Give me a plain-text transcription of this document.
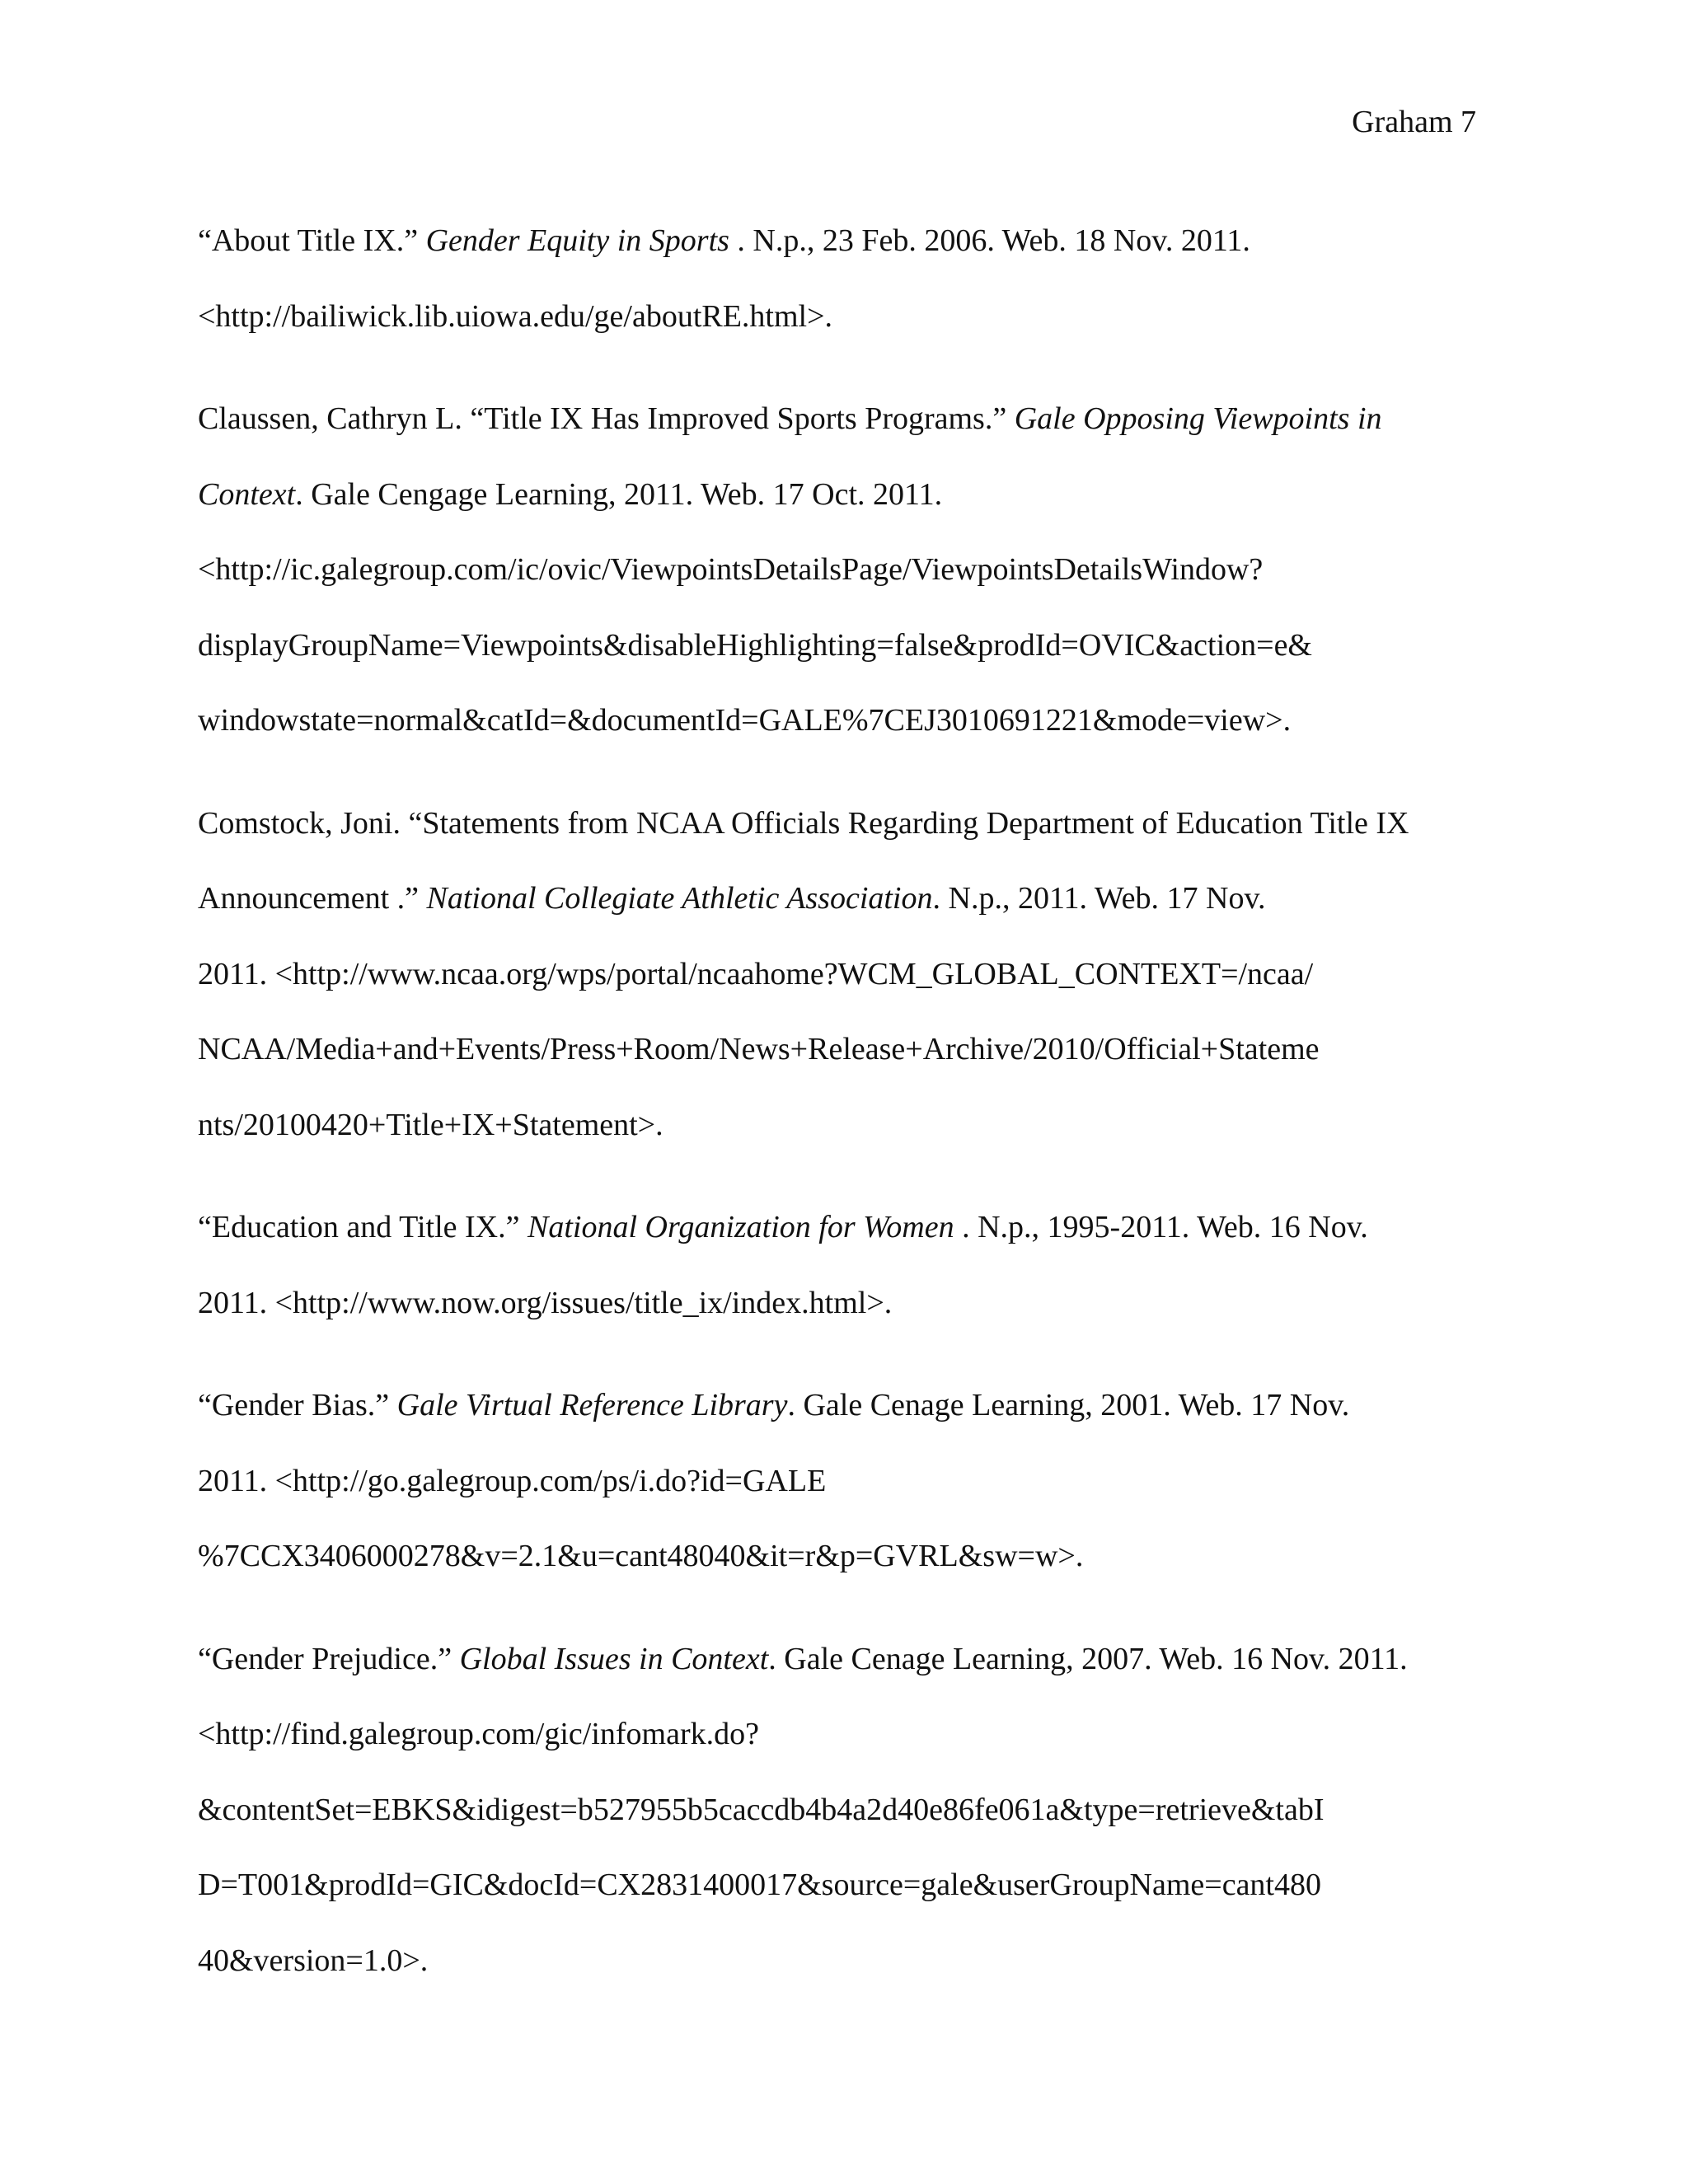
Graham 7
“About Title IX.” Gender Equity in Sports . N.p., 23 Feb. 2006. Web. 18 Nov. 2011.
<http://bailiwick.lib.uiowa.edu/ge/aboutRE.html>.
Claussen, Cathryn L. “Title IX Has Improved Sports Programs.” Gale Opposing Viewpoints in
Context. Gale Cengage Learning, 2011. Web. 17 Oct. 2011.
<http://ic.galegroup.com/ic/ovic/ViewpointsDetailsPage/ViewpointsDetailsWindow?
displayGroupName=Viewpoints&disableHighlighting=false&prodId=OVIC&action=e&
windowstate=normal&catId=&documentId=GALE%7CEJ3010691221&mode=view>.
Comstock, Joni. “Statements from NCAA Officials Regarding Department of Education Title IX
Announcement .” National Collegiate Athletic Association. N.p., 2011. Web. 17 Nov.
2011. <http://www.ncaa.org/wps/portal/ncaahome?WCM_GLOBAL_CONTEXT=/ncaa/
NCAA/Media+and+Events/Press+Room/News+Release+Archive/2010/Official+Stateme
nts/20100420+Title+IX+Statement>.
“Education and Title IX.” National Organization for Women . N.p., 1995-2011. Web. 16 Nov.
2011. <http://www.now.org/issues/title_ix/index.html>.
“Gender Bias.” Gale Virtual Reference Library. Gale Cenage Learning, 2001. Web. 17 Nov.
2011. <http://go.galegroup.com/ps/i.do?id=GALE
%7CCX3406000278&v=2.1&u=cant48040&it=r&p=GVRL&sw=w>.
“Gender Prejudice.” Global Issues in Context. Gale Cenage Learning, 2007. Web. 16 Nov. 2011.
<http://find.galegroup.com/gic/infomark.do?
&contentSet=EBKS&idigest=b527955b5caccdb4b4a2d40e86fe061a&type=retrieve&tabI
D=T001&prodId=GIC&docId=CX2831400017&source=gale&userGroupName=cant480
40&version=1.0>.
